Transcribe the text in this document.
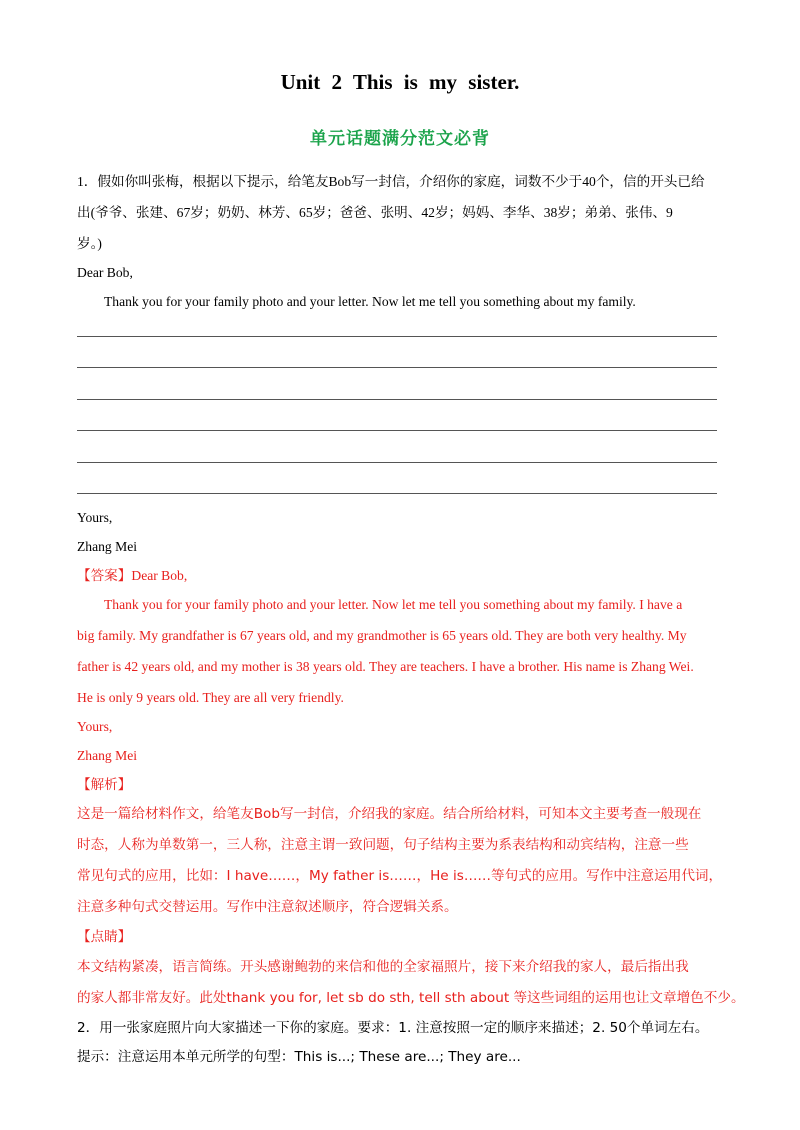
Unit 2 This is my sister.
单元话题满分范文必背
1．假如你叫张梅，根据以下提示，给笔友Bob写一封信，介绍你的家庭，词数不少于40个，信的开头已给
出(爷爷、张建、67岁；奶奶、林芳、65岁；爸爸、张明、42岁；妈妈、李华、38岁；弟弟、张伟、9
岁。)
Dear Bob,
Thank you for your family photo and your letter. Now let me tell you something about my family.
Yours,
Zhang Mei
【答案】Dear Bob,
Thank you for your family photo and your letter. Now let me tell you something about my family. I have a
big family. My grandfather is 67 years old, and my grandmother is 65 years old. They are both very healthy. My
father is 42 years old, and my mother is 38 years old. They are teachers. I have a brother. His name is Zhang Wei.
He is only 9 years old. They are all very friendly.
Yours,
Zhang Mei
【解析】
这是一篇给材料作文，给笔友Bob写一封信，介绍我的家庭。结合所给材料，可知本文主要考查一般现在
时态，人称为单数第一，三人称，注意主谓一致问题，句子结构主要为系表结构和动宾结构，注意一些
常见句式的应用，比如：I have……，My father is……，He is……等句式的应用。写作中注意运用代词，
注意多种句式交替运用。写作中注意叙述顺序，符合逻辑关系。
【点睛】
本文结构紧凑，语言简练。开头感谢鲍勃的来信和他的全家福照片，接下来介绍我的家人，最后指出我
的家人都非常友好。此处thank you for, let sb do sth, tell sth about 等这些词组的运用也让文章增色不少。
2．用一张家庭照片向大家描述一下你的家庭。要求：1. 注意按照一定的顺序来描述；2. 50个单词左右。
提示：注意运用本单元所学的句型：This is...; These are...; They are...
